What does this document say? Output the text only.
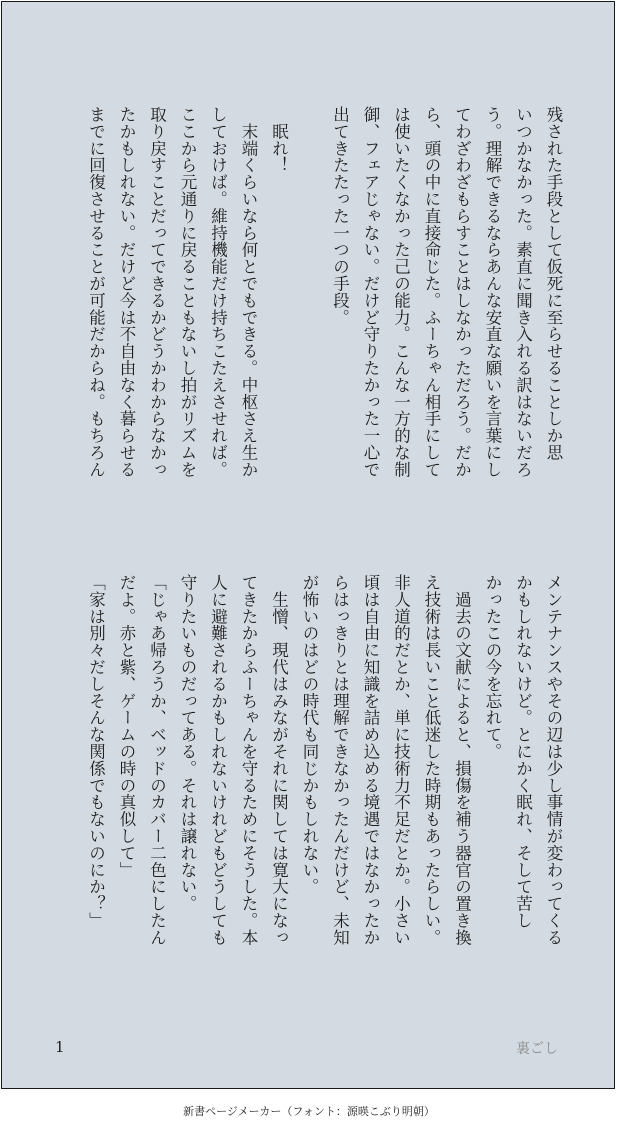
残された手段として仮死に至らせることしか思
いつかなかった。素直に聞き入れる訳はないだろ
う。理解できるならあんな安直な願いを言葉にし
てわざわざもらすことはしなかっただろう。だか
ら、頭の中に直接命じた。ふーちゃん相手にして
は使いたくなかった己の能力。こんな一方的な制
御、フェアじゃない。だけど守りたかった一心で
出てきたたった一つの手段。
　眠れ！
　末端くらいなら何とでもできる。中枢さえ生か
しておけば。維持機能だけ持ちこたえさせれば。
ここから元通りに戻ることもないし拍がリズムを
取り戻すことだってできるかどうかわからなかっ
たかもしれない。だけど今は不自由なく暮らせる
までに回復させることが可能だからね。もちろん
メンテナンスやその辺は少し事情が変わってくる
かもしれないけど。とにかく眠れ、そして苦し
かったこの今を忘れて。
　過去の文献によると、損傷を補う器官の置き換
え技術は長いこと低迷した時期もあったらしい。
非人道的だとか、単に技術力不足だとか。小さい
頃は自由に知識を詰め込める境遇ではなかったか
らはっきりとは理解できなかったんだけど、未知
が怖いのはどの時代も同じかもしれない。
　生憎、現代はみながそれに関しては寛大になっ
てきたからふーちゃんを守るためにそうした。本
人に避難されるかもしれないけれどもどうしても
守りたいものだってある。それは譲れない。
「じゃあ帰ろうか、ベッドのカバー二色にしたん
だよ。赤と紫、ゲームの時の真似して」
「家は別々だしそんな関係でもないのにか？」
1	裏ごし
新書ページメーカー（フォント：源暎こぶり明朝）
